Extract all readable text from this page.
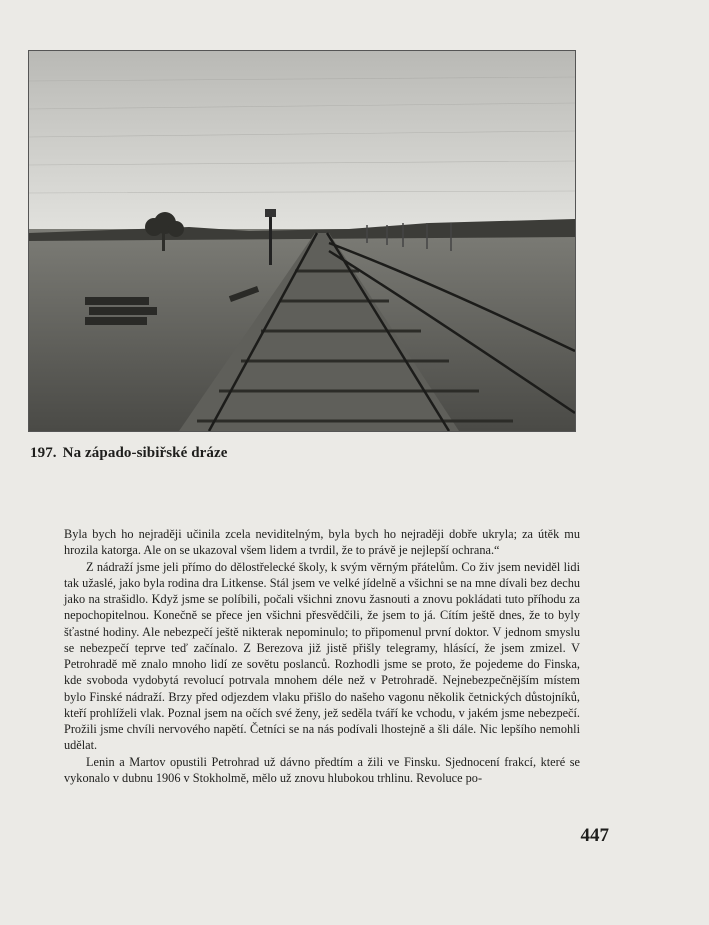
197. Na západo-sibiřské dráze

Byla bych ho nejraději učinila zcela neviditelným, byla bych ho nejraději dobře ukryla; za útěk mu hrozila katorga. Ale on se ukazoval všem lidem a tvrdil, že to právě je nejlepší ochrana.“

Z nádraží jsme jeli přímo do dělostřelecké školy, k svým věrným přátelům. Co živ jsem neviděl lidi tak užaslé, jako byla rodina dra Litkense. Stál jsem ve velké jídelně a všichni se na mne dívali bez dechu jako na strašidlo. Když jsme se políbili, počali všichni znovu žasnouti a znovu pokládati tuto příhodu za nepochopitelnou. Konečně se přece jen všichni přesvědčili, že jsem to já. Cítím ještě dnes, že to byly šťastné hodiny. Ale nebezpečí ještě nikterak nepominulo; to připomenul první doktor. V jednom smyslu se nebezpečí teprve teď začínalo. Z Berezova již jistě přišly telegramy, hlásící, že jsem zmizel. V Petrohradě mě znalo mnoho lidí ze sovětu poslanců. Rozhodli jsme se proto, že pojedeme do Finska, kde svoboda vydobytá revolucí potrvala mnohem déle než v Petrohradě. Nejnebezpečnějším místem bylo Finské nádraží. Brzy před odjezdem vlaku přišlo do našeho vagonu několik četnických důstojníků, kteří prohlíželi vlak. Poznal jsem na očích své ženy, jež seděla tváří ke vchodu, v jakém jsme nebezpečí. Prožili jsme chvíli nervového napětí. Četníci se na nás podívali lhostejně a šli dále. Nic lepšího nemohli udělat.

Lenin a Martov opustili Petrohrad už dávno předtím a žili ve Finsku. Sjednocení frakcí, které se vykonalo v dubnu 1906 v Stokholmě, mělo už znovu hlubokou trhlinu. Revoluce po-

447
